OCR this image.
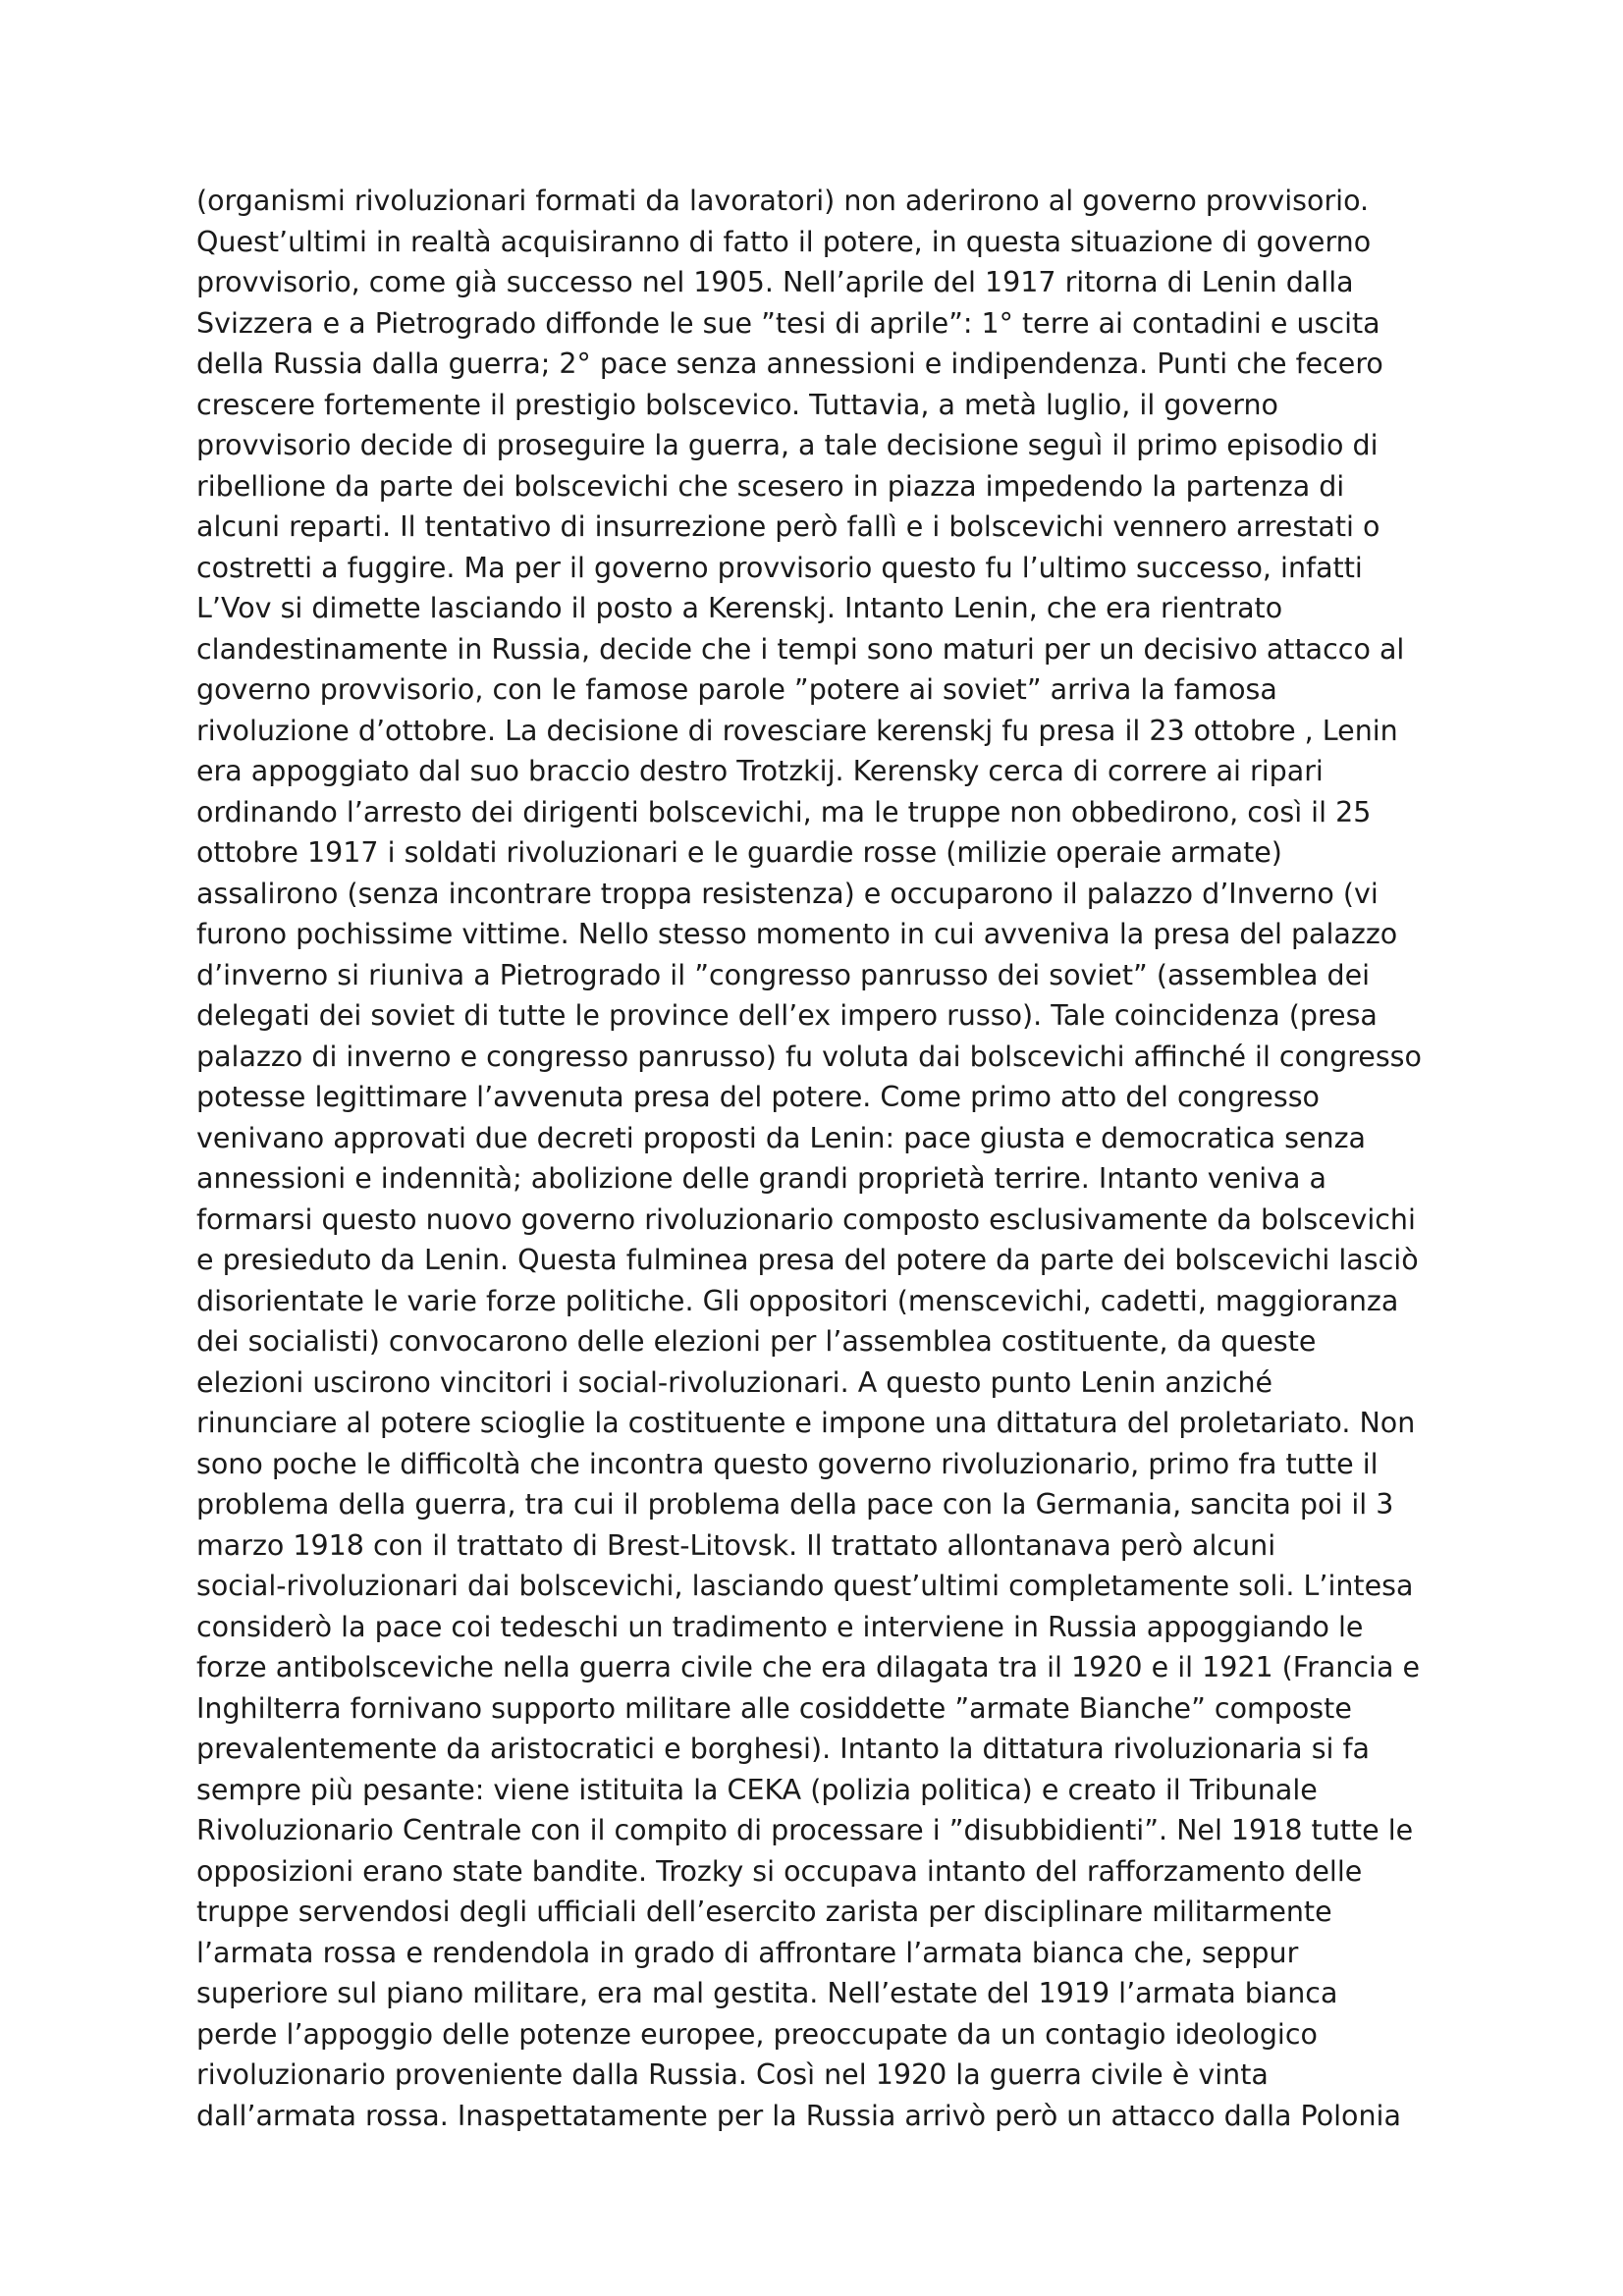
(organismi rivoluzionari formati da lavoratori) non aderirono al governo provvisorio.
Quest’ultimi in realtà acquisiranno di fatto il potere, in questa situazione di governo
provvisorio, come già successo nel 1905. Nell’aprile del 1917 ritorna di Lenin dalla
Svizzera e a Pietrogrado diffonde le sue ”tesi di aprile”: 1° terre ai contadini e uscita
della Russia dalla guerra; 2° pace senza annessioni e indipendenza. Punti che fecero
crescere fortemente il prestigio bolscevico. Tuttavia, a metà luglio, il governo
provvisorio decide di proseguire la guerra, a tale decisione seguì il primo episodio di
ribellione da parte dei bolscevichi che scesero in piazza impedendo la partenza di
alcuni reparti. Il tentativo di insurrezione però fallì e i bolscevichi vennero arrestati o
costretti a fuggire. Ma per il governo provvisorio questo fu l’ultimo successo, infatti
L’Vov si dimette lasciando il posto a Kerenskj. Intanto Lenin, che era rientrato
clandestinamente in Russia, decide che i tempi sono maturi per un decisivo attacco al
governo provvisorio, con le famose parole ”potere ai soviet” arriva la famosa
rivoluzione d’ottobre. La decisione di rovesciare kerenskj fu presa il 23 ottobre , Lenin
era appoggiato dal suo braccio destro Trotzkij. Kerensky cerca di correre ai ripari
ordinando l’arresto dei dirigenti bolscevichi, ma le truppe non obbedirono, così il 25
ottobre 1917 i soldati rivoluzionari e le guardie rosse (milizie operaie armate)
assalirono (senza incontrare troppa resistenza) e occuparono il palazzo d’Inverno (vi
furono pochissime vittime. Nello stesso momento in cui avveniva la presa del palazzo
d’inverno si riuniva a Pietrogrado il ”congresso panrusso dei soviet” (assemblea dei
delegati dei soviet di tutte le province dell’ex impero russo). Tale coincidenza (presa
palazzo di inverno e congresso panrusso) fu voluta dai bolscevichi affinché il congresso
potesse legittimare l’avvenuta presa del potere. Come primo atto del congresso
venivano approvati due decreti proposti da Lenin: pace giusta e democratica senza
annessioni e indennità; abolizione delle grandi proprietà terrire. Intanto veniva a
formarsi questo nuovo governo rivoluzionario composto esclusivamente da bolscevichi
e presieduto da Lenin. Questa fulminea presa del potere da parte dei bolscevichi lasciò
disorientate le varie forze politiche. Gli oppositori (menscevichi, cadetti, maggioranza
dei socialisti) convocarono delle elezioni per l’assemblea costituente, da queste
elezioni uscirono vincitori i social-rivoluzionari. A questo punto Lenin anziché
rinunciare al potere scioglie la costituente e impone una dittatura del proletariato. Non
sono poche le difficoltà che incontra questo governo rivoluzionario, primo fra tutte il
problema della guerra, tra cui il problema della pace con la Germania, sancita poi il 3
marzo 1918 con il trattato di Brest-Litovsk. Il trattato allontanava però alcuni
social-rivoluzionari dai bolscevichi, lasciando quest’ultimi completamente soli. L’intesa
considerò la pace coi tedeschi un tradimento e interviene in Russia appoggiando le
forze antibolsceviche nella guerra civile che era dilagata tra il 1920 e il 1921 (Francia e
Inghilterra fornivano supporto militare alle cosiddette ”armate Bianche” composte
prevalentemente da aristocratici e borghesi). Intanto la dittatura rivoluzionaria si fa
sempre più pesante: viene istituita la CEKA (polizia politica) e creato il Tribunale
Rivoluzionario Centrale con il compito di processare i ”disubbidienti”. Nel 1918 tutte le
opposizioni erano state bandite. Trozky si occupava intanto del rafforzamento delle
truppe servendosi degli ufficiali dell’esercito zarista per disciplinare militarmente
l’armata rossa e rendendola in grado di affrontare l’armata bianca che, seppur
superiore sul piano militare, era mal gestita. Nell’estate del 1919 l’armata bianca
perde l’appoggio delle potenze europee, preoccupate da un contagio ideologico
rivoluzionario proveniente dalla Russia. Così nel 1920 la guerra civile è vinta
dall’armata rossa. Inaspettatamente per la Russia arrivò però un attacco dalla Polonia
